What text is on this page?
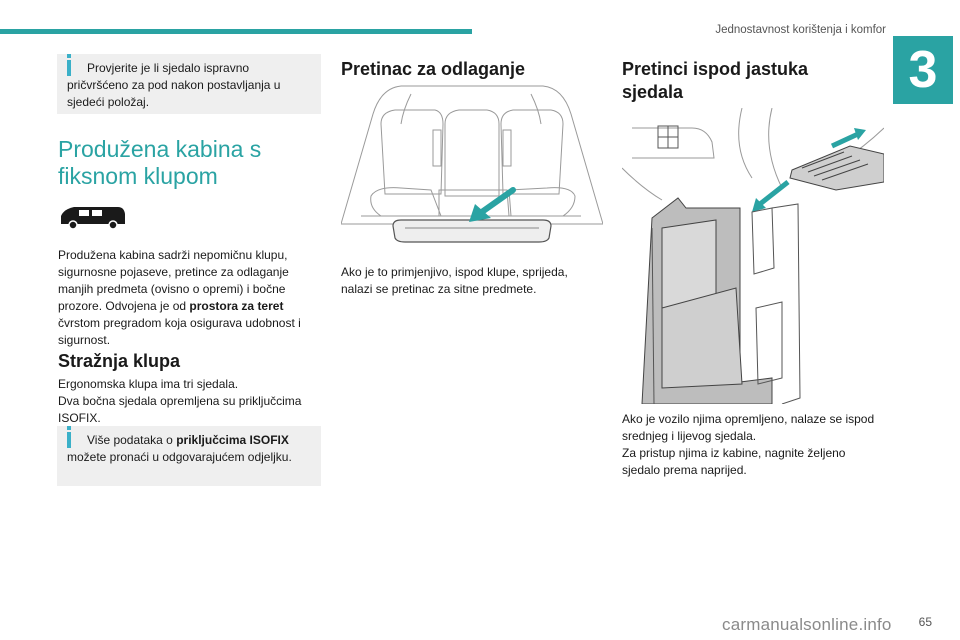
Jednostavnost korištenja i komfor
3
Provjerite je li sjedalo ispravno pričvršćeno za pod nakon postavljanja u sjedeći položaj.
Produžena kabina s
fiksnom klupom
Produžena kabina sadrži nepomičnu klupu, sigurnosne pojaseve, pretince za odlaganje manjih predmeta (ovisno o opremi) i bočne prozore. Odvojena je od prostora za teret čvrstom pregradom koja osigurava udobnost i sigurnost.
Stražnja klupa
Ergonomska klupa ima tri sjedala.
Dva bočna sjedala opremljena su priključcima ISOFIX.
Više podataka o priključcima ISOFIX možete pronaći u odgovarajućem odjeljku.
Pretinac za odlaganje
Ako je to primjenjivo, ispod klupe, sprijeda, nalazi se pretinac za sitne predmete.
Pretinci ispod jastuka
sjedala
Ako je vozilo njima opremljeno, nalaze se ispod srednjeg i lijevog sjedala.
Za pristup njima iz kabine, nagnite željeno sjedalo prema naprijed.
carmanualsonline.info	65
